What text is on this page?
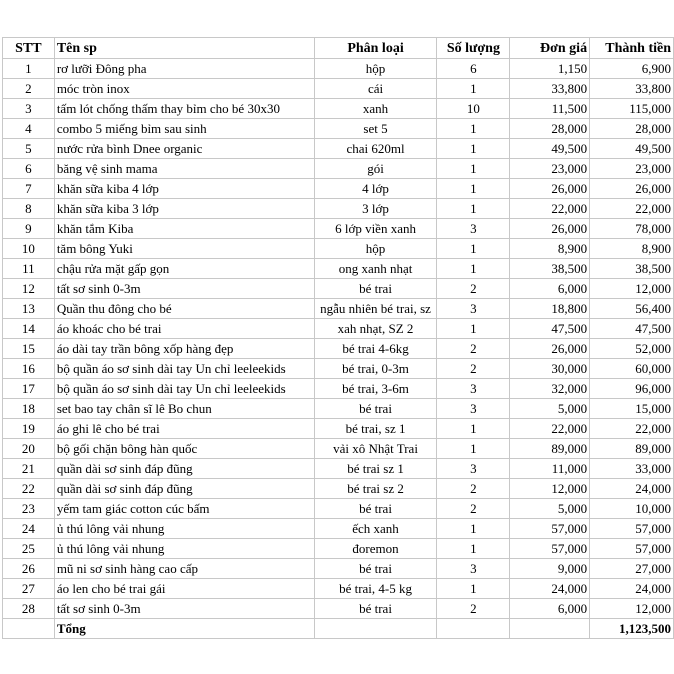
STT	Tên sp	Phân loại	Số lượng	Đơn giá	Thành tiền
1	rơ lưỡi Đông pha	hộp	6	1,150	6,900
2	móc tròn inox	cái	1	33,800	33,800
3	tấm lót chống thấm thay bỉm cho bé 30x30	xanh	10	11,500	115,000
4	combo 5 miếng bỉm sau sinh	set 5	1	28,000	28,000
5	nước rửa bình Dnee organic	chai 620ml	1	49,500	49,500
6	băng vệ sinh mama	gói	1	23,000	23,000
7	khăn sữa kiba 4 lớp	4 lớp	1	26,000	26,000
8	khăn sữa kiba 3 lớp	3 lớp	1	22,000	22,000
9	khăn tắm Kiba	6 lớp viền xanh	3	26,000	78,000
10	tăm bông Yuki	hộp	1	8,900	8,900
11	chậu rửa mặt gấp gọn	ong xanh nhạt	1	38,500	38,500
12	tất sơ sinh 0-3m	bé trai	2	6,000	12,000
13	Quần thu đông cho bé	ngẫu nhiên bé trai, sz	3	18,800	56,400
14	áo khoác cho bé trai	xah nhạt, SZ 2	1	47,500	47,500
15	áo dài tay trần bông xốp hàng đẹp	bé trai 4-6kg	2	26,000	52,000
16	bộ quần áo sơ sinh dài tay Un chỉ leeleekids	bé trai, 0-3m	2	30,000	60,000
17	bộ quần áo sơ sinh dài tay Un chỉ leeleekids	bé trai, 3-6m	3	32,000	96,000
18	set bao tay chân sĩ lê Bo chun	bé trai	3	5,000	15,000
19	áo ghi lê cho bé trai	bé trai, sz 1	1	22,000	22,000
20	bộ gối chặn bông hàn quốc	vải xô Nhật Trai	1	89,000	89,000
21	quần dài sơ sinh đáp đũng	bé trai sz 1	3	11,000	33,000
22	quần dài sơ sinh đáp đũng	bé trai sz 2	2	12,000	24,000
23	yếm tam giác cotton cúc bấm	bé trai	2	5,000	10,000
24	ủ thú lông vải nhung	ếch xanh	1	57,000	57,000
25	ủ thú lông vải nhung	đoremon	1	57,000	57,000
26	mũ ni sơ sinh hàng cao cấp	bé trai	3	9,000	27,000
27	áo len cho bé trai gái	bé trai, 4-5 kg	1	24,000	24,000
28	tất sơ sinh 0-3m	bé trai	2	6,000	12,000
	Tổng				1,123,500
